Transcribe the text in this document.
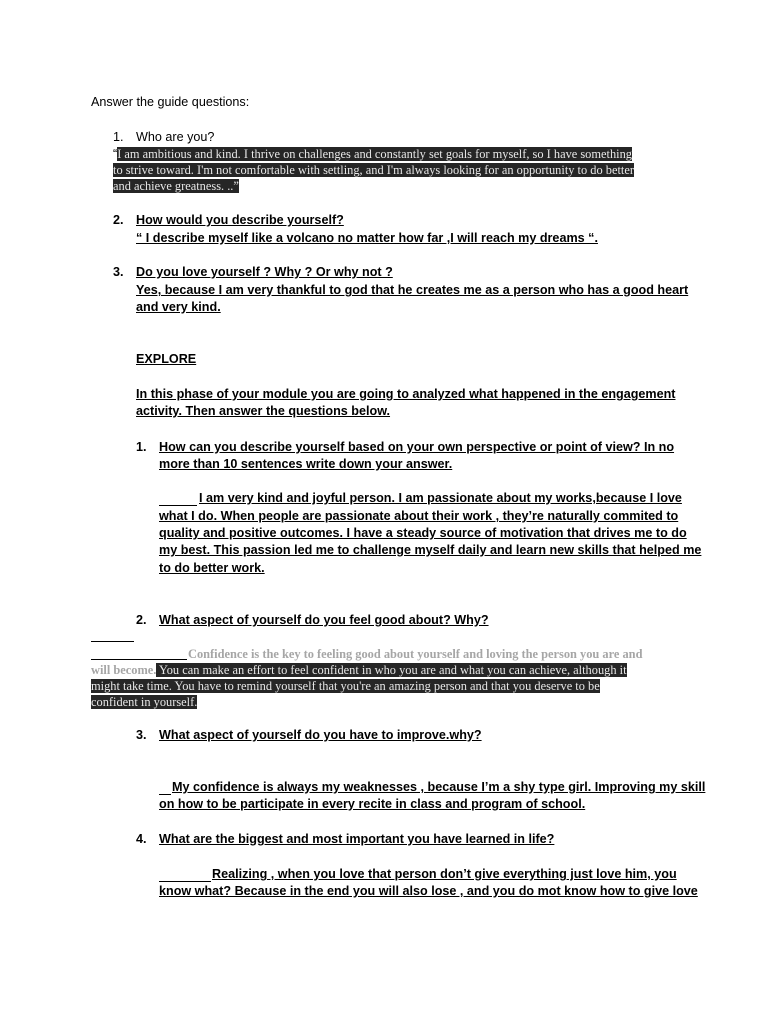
Answer the guide questions:
1. Who are you?
“I am ambitious and kind. I thrive on challenges and constantly set goals for myself, so I have something
to strive toward. I'm not comfortable with settling, and I'm always looking for an opportunity to do better
and achieve greatness. ..”
2. How would you describe yourself?
“ I describe myself like a volcano no matter how far ,I will reach my dreams “.
3. Do you love yourself ? Why ? Or why not ?
Yes, because I am very thankful to god that he creates me as a person who has a good heart
and very kind.
EXPLORE
In this phase of your module you are going to analyzed what happened in the engagement
activity. Then answer the questions below.
1. How can you describe yourself based on your own perspective or point of view? In no
more than 10 sentences write down your answer.
I am very kind and joyful person. I am passionate about my works,because I love
what I do. When people are passionate about their work , they’re naturally commited to
quality and positive outcomes. I have a steady source of motivation that drives me to do
my best. This passion led me to challenge myself daily and learn new skills that helped me
to do better work.
2. What aspect of yourself do you feel good about? Why?
Confidence is the key to feeling good about yourself and loving the person you are and
will become. You can make an effort to feel confident in who you are and what you can achieve, although it
might take time. You have to remind yourself that you're an amazing person and that you deserve to be
confident in yourself.
3. What aspect of yourself do you have to improve.why?
My confidence is always my weaknesses , because I’m a shy type girl. Improving my skill
on how to be participate in every recite in class and program of school.
4. What are the biggest and most important you have learned in life?
Realizing , when you love that person don’t give everything just love him, you
know what? Because in the end you will also lose , and you do mot know how to give love
